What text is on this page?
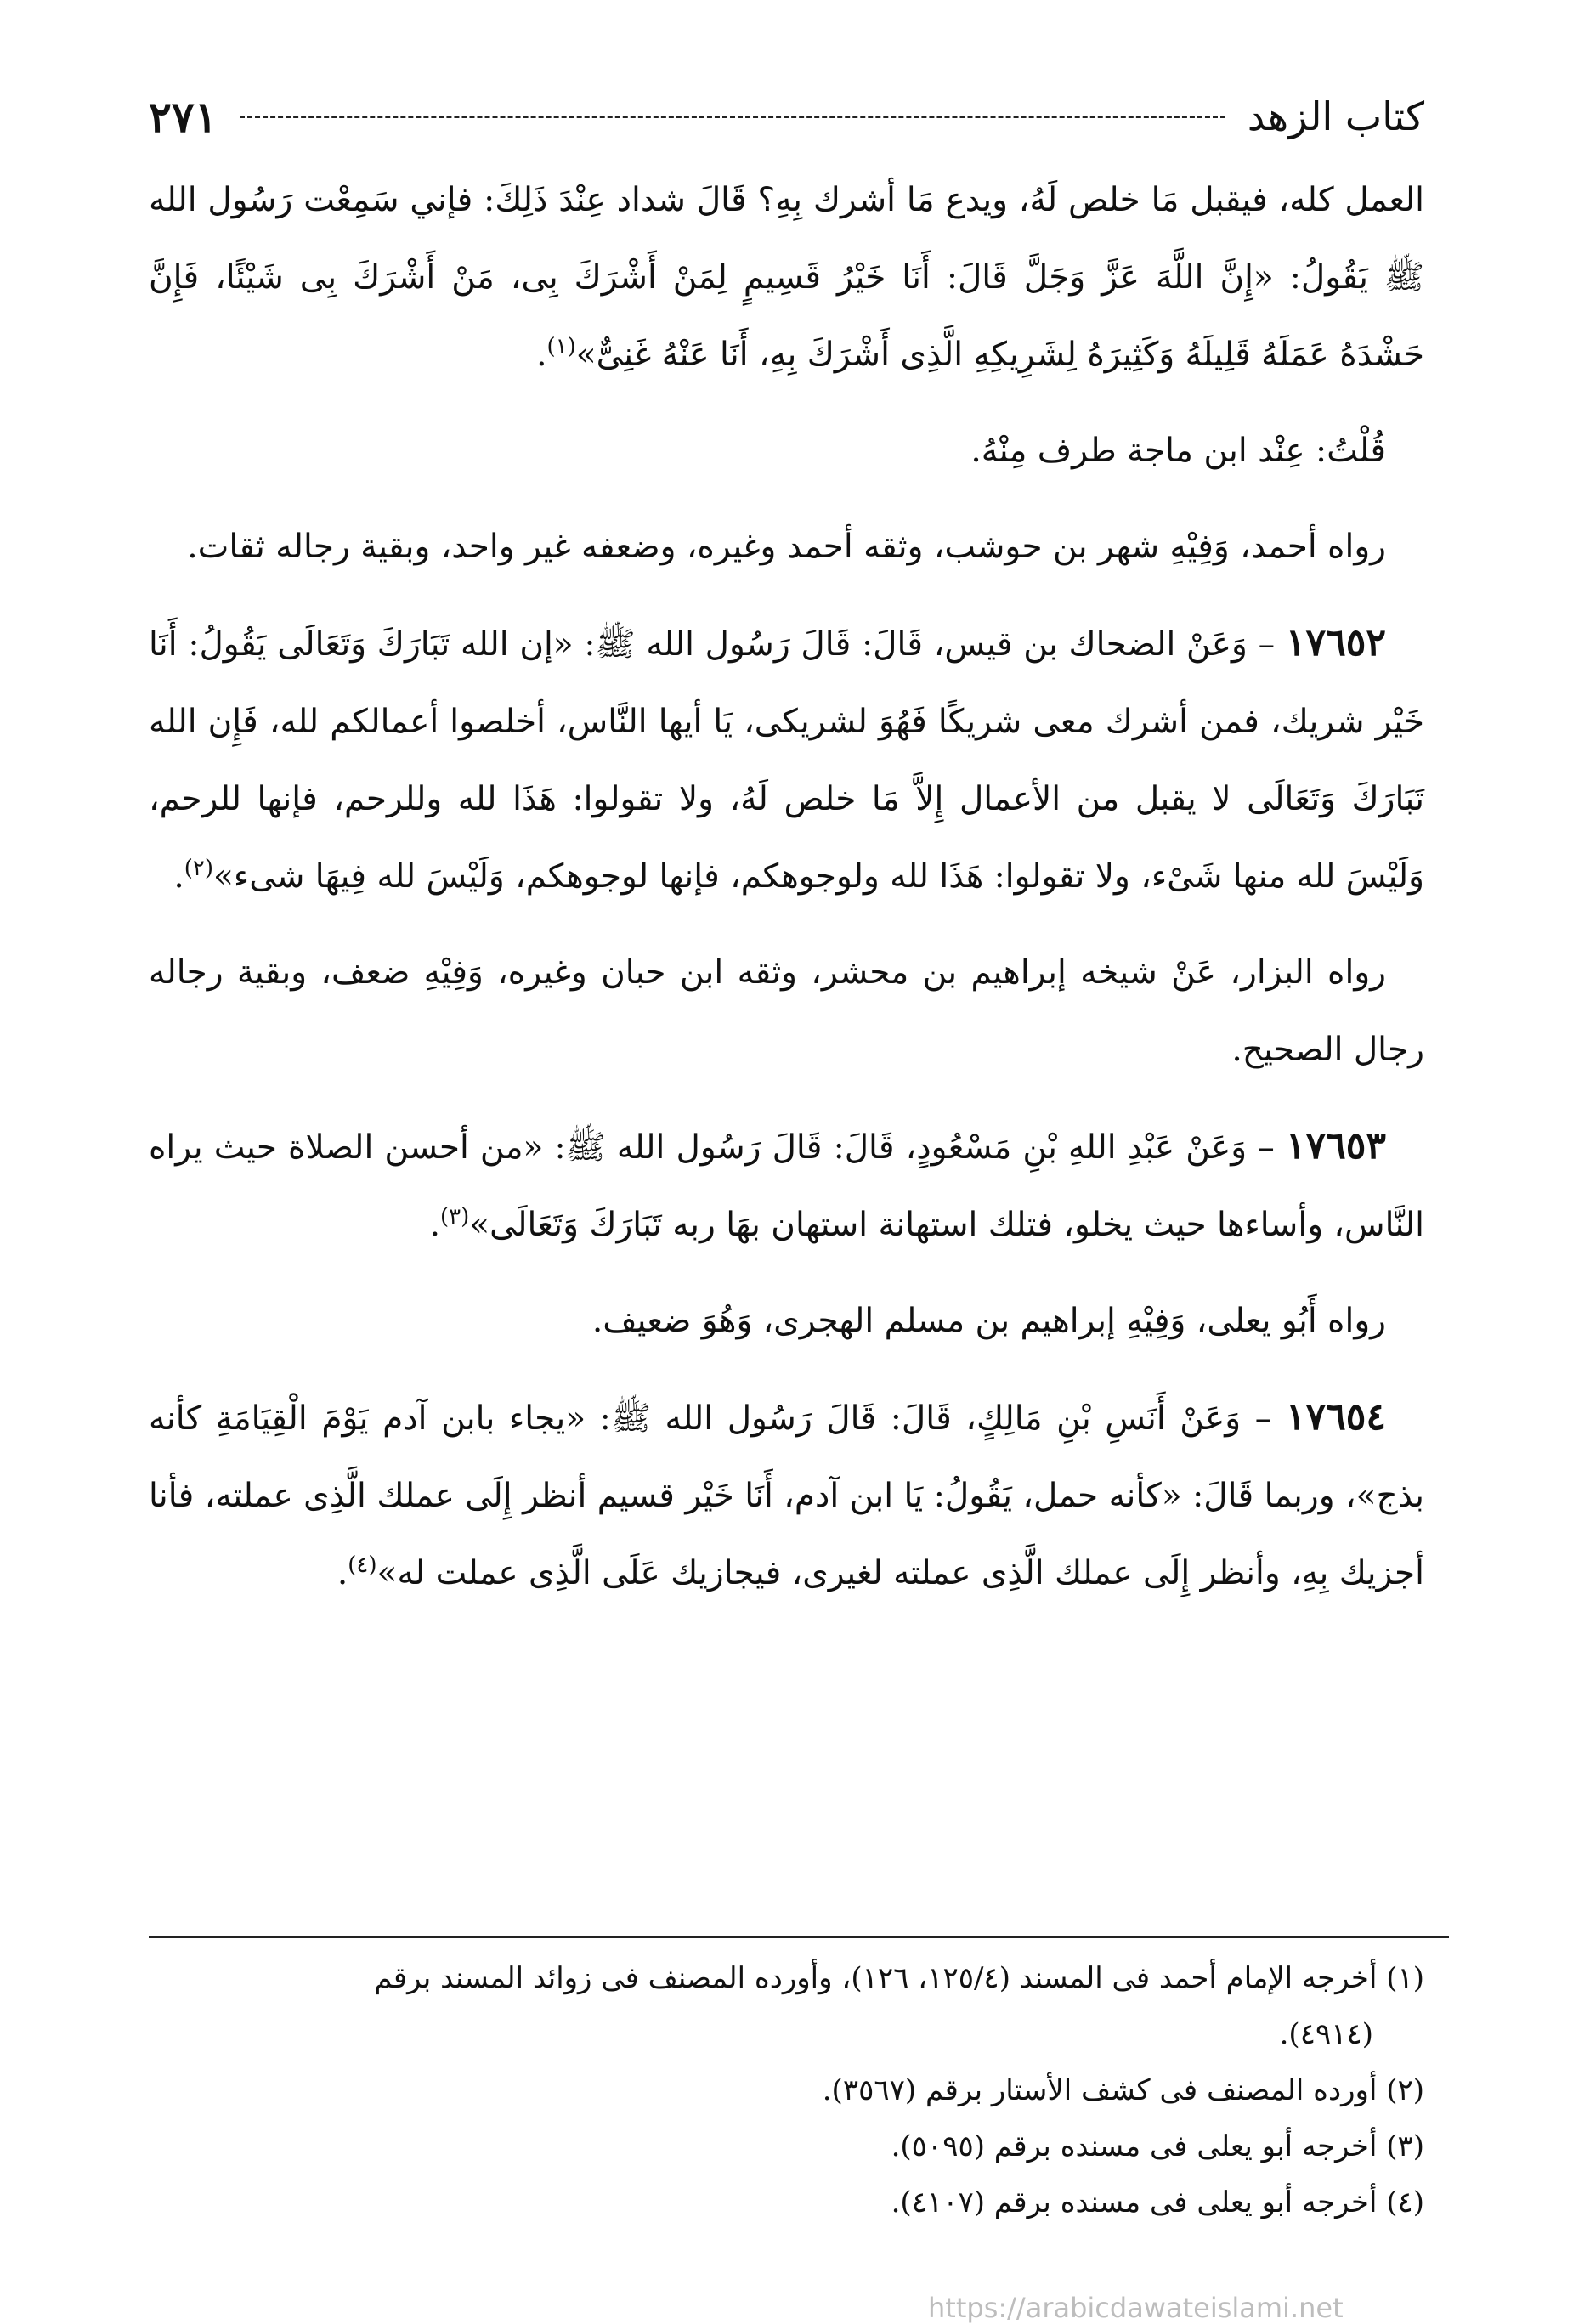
كتاب الزهد
٢٧١

العمل كله، فيقبل مَا خلص لَهُ، ويدع مَا أشرك بِهِ؟ قَالَ شداد عِنْدَ ذَلِكَ: فإني سَمِعْت رَسُول الله ﷺ يَقُولُ: «إِنَّ اللَّهَ عَزَّ وَجَلَّ قَالَ: أَنَا خَيْرُ قَسِيمٍ لِمَنْ أَشْرَكَ بِى، مَنْ أَشْرَكَ بِى شَيْئًا، فَإِنَّ حَشْدَهُ عَمَلَهُ قَلِيلَهُ وَكَثِيرَهُ لِشَرِيكِهِ الَّذِى أَشْرَكَ بِهِ، أَنَا عَنْهُ غَنِىٌّ»$^{(١)}$.

قُلْتُ: عِنْد ابن ماجة طرف مِنْهُ.

رواه أحمد، وَفِيْهِ شهر بن حوشب، وثقه أحمد وغيره، وضعفه غير واحد، وبقية رجاله ثقات.

١٧٦٥٢ – وَعَنْ الضحاك بن قيس، قَالَ: قَالَ رَسُول الله ﷺ: «إن الله تَبَارَكَ وَتَعَالَى يَقُولُ: أَنَا خَيْر شريك، فمن أشرك معى شريكًا فَهُوَ لشريكى، يَا أيها النَّاس، أخلصوا أعمالكم لله، فَإِن الله تَبَارَكَ وَتَعَالَى لا يقبل من الأعمال إِلاَّ مَا خلص لَهُ، ولا تقولوا: هَذَا لله وللرحم، فإنها للرحم، وَلَيْسَ لله منها شَىْء، ولا تقولوا: هَذَا لله ولوجوهكم، فإنها لوجوهكم، وَلَيْسَ لله فِيهَا شىء»$^{(٢)}$.

رواه البزار، عَنْ شيخه إبراهيم بن محشر، وثقه ابن حبان وغيره، وَفِيْهِ ضعف، وبقية رجاله رجال الصحيح.

١٧٦٥٣ – وَعَنْ عَبْدِ اللهِ بْنِ مَسْعُودٍ، قَالَ: قَالَ رَسُول الله ﷺ: «من أحسن الصلاة حيث يراه النَّاس، وأساءها حيث يخلو، فتلك استهانة استهان بهَا ربه تَبَارَكَ وَتَعَالَى»$^{(٣)}$.

رواه أَبُو يعلى، وَفِيْهِ إبراهيم بن مسلم الهجرى، وَهُوَ ضعيف.

١٧٦٥٤ – وَعَنْ أَنَسِ بْنِ مَالِكٍ، قَالَ: قَالَ رَسُول الله ﷺ: «يجاء بابن آدم يَوْمَ الْقِيَامَةِ كأنه بذج»، وربما قَالَ: «كأنه حمل، يَقُولُ: يَا ابن آدم، أَنَا خَيْر قسيم أنظر إِلَى عملك الَّذِى عملته، فأنا أجزيك بِهِ، وأنظر إِلَى عملك الَّذِى عملته لغيرى، فيجازيك عَلَى الَّذِى عملت له»$^{(٤)}$.

(١) أخرجه الإمام أحمد فى المسند (١٢٥/٤، ١٢٦)، وأورده المصنف فى زوائد المسند برقم

(٤٩١٤).

(٢) أورده المصنف فى كشف الأستار برقم (٣٥٦٧).

(٣) أخرجه أبو يعلى فى مسنده برقم (٥٠٩٥).

(٤) أخرجه أبو يعلى فى مسنده برقم (٤١٠٧).

https://arabicdawateislami.net
